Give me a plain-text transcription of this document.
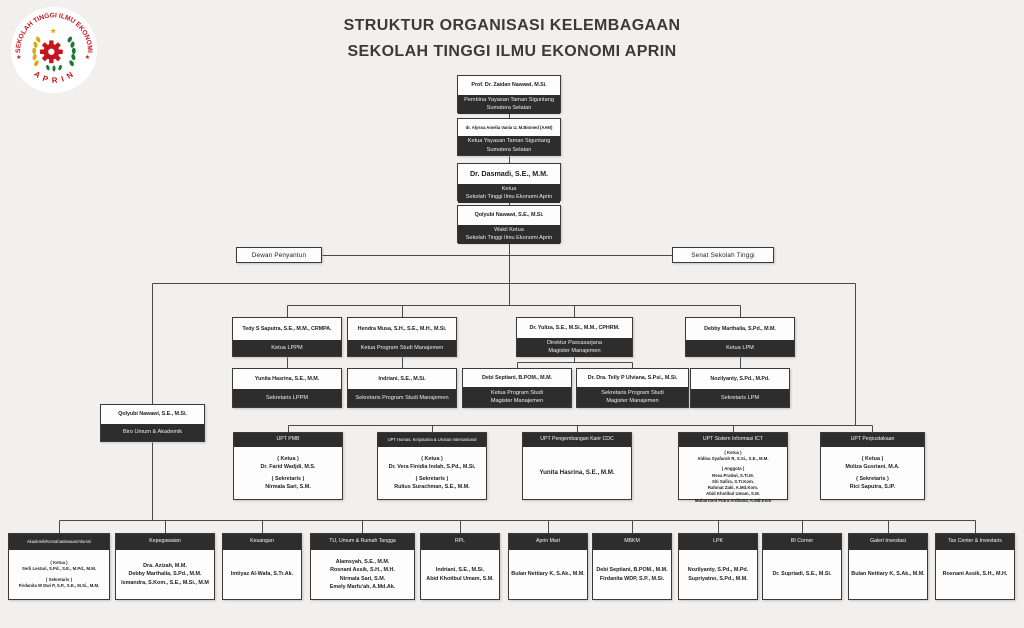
SEKOLAH TINGGI ILMU EKONOMI
A P R I N
★	★
★	STRUKTUR ORGANISASI KELEMBAGAAN
SEKOLAH TINGGI ILMU EKONOMI APRIN
Prof. Dr. Zaidan Nawawi, M.Si.
Pembina Yayasan Taman Siguntang
Sumatera Selatan
dr. Alyssa Amelia Vania U, M.Biomed (AAM)
Ketua Yayasan Taman Siguntang
Sumatera Selatan
Dr. Dasmadi, S.E., M.M.
Ketua
Sekolah Tinggi Ilmu Ekonomi Aprin
Qolyubi Nawawi, S.E., M.Si.
Wakil Ketua
Sekolah Tinggi Ilmu Ekonomi Aprin
Dewan Penyantun	Senat Sekolah Tinggi
Tedy S Saputra, S.E., M.M., CRMPA.
Ketua LPPM
Hendra Musa, S.H., S.E., M.H., M.Si.
Ketua Program Studi Manajemen
Dr. Yuliza, S.E., M.Si., M.M., CPHRM.
Direktur Pascasarjana
Magister Manajemen
Debby Marthalia, S.Pd., M.M.
Ketua LPM
Yunita Hasrina, S.E., M.M.
Sekretaris LPPM
Indriani, S.E., M.Si.
Sekretaris Program Studi Manajemen
Debi Septiani, B.POM., M.M.
Ketua Program Studi
Magister Manajemen
Dr. Dra. Telly P Ulviana, S.Psi., M.Si.
Sekretaris Program Studi
Magister Manajemen
Nozilyanty, S.Pd., M.Pd.
Sekretaris LPM
Qolyubi Nawawi, S.E., M.Si.
Biro Umum & Akademik
UPT PMB
( Ketua )
Dr. Farid Wadjdi, M.S.
( Sekretaris )
Nirmala Sari, S.M.
UPT Humas, Kerjasama & Urusan Internasional
( Ketua )
Dr. Vera Finidia Indah, S.Pd., M.Si.
( Sekretaris )
Rulius Surachman, S.E., M.M.
UPT Pengembangan Karir CDC
Yunita Hasrina, S.E., M.M.
UPT Sistem Informasi ICT
( Ketua )
Aldina Syafaroh R, S.Si., S.E., M.M.
( Anggota )
Resa Pratiwi, S.Tr.M.
Siti Safira, S.Tr.Kom.
Rahmat Zaki, A.Md.Kom.
Abid Khotibul Umam, S.M.
Muharromi Putra Ardhana, A.Md.Kom
UPT Perpustakaan
( Ketua )
Moliza Gusriani, M.A.
( Sekretaris )
Rici Saputra, S.IP.
Akademik/Kemahasiswaan/Alumni
( Ketua )
Serli Lestari, S.Pd., S.E., M.Pd., M.M.
( Sekretaris )
Firdanita W Dwi P, S.P., S.E., M.Si., M.M.
Kepegawaian
Dra. Azizah, M.M.
Debby Marthalia, S.Pd., M.M.
Ismandra, S.Kom., S.E., M.Si., M.M
Keuangan
Imtiyaz Al-Wafa, S.Tr.Ak.
TU, Umum & Rumah Tangga
Alamsyah, S.E., M.M.
Rosnani Assik, S.H., M.H.
Nirmala Sari, S.M.
Emely Marfu'ah, A.Md.Ak.
RPL
Indriani, S.E., M.Si.
Abid Khotibul Umam, S.M.
Aprin Mart
Bulan Nettiary K, S.Ak., M.M.
MBKM
Debi Septiani, B.POM., M.M.
Firdanita WDP, S.P., M.Si.
LPK
Nozilyanty, S.Pd., M.Pd.
Supriyatno, S.Pd., M.M.
BI Corner
Dr. Supriadi, S.E., M.Si.
Galeri Investasi
Bulan Nettiary K, S.Ak., M.M.
Tax Center & Investaris
Rosnani Assik, S.H., M.H.
